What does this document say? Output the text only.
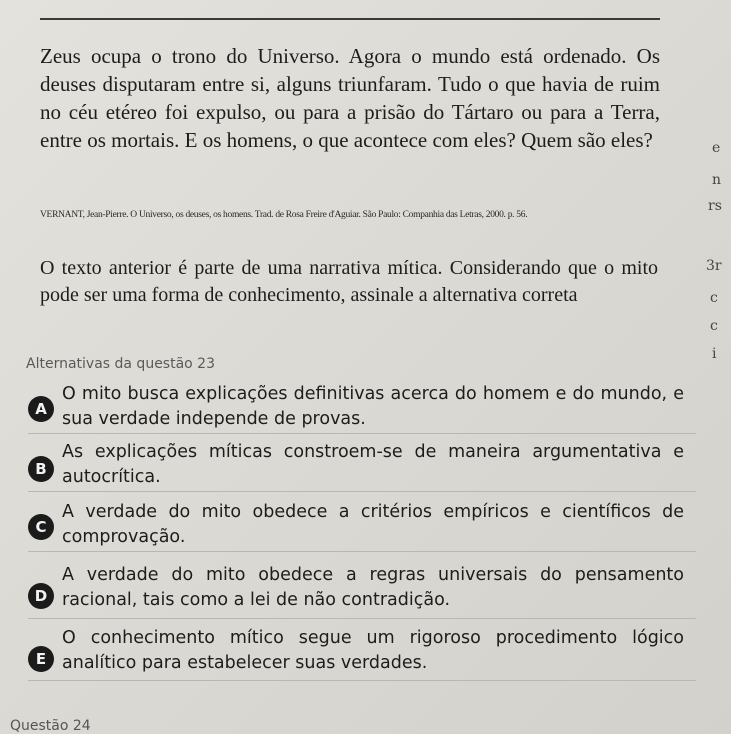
Zeus ocupa o trono do Universo. Agora o mundo está ordenado. Os deuses disputaram entre si, alguns triunfaram. Tudo o que havia de ruim no céu etéreo foi expulso, ou para a prisão do Tártaro ou para a Terra, entre os mortais. E os homens, o que acontece com eles? Quem são eles?
VERNANT, Jean-Pierre. O Universo, os deuses, os homens. Trad. de Rosa Freire d'Aguiar. São Paulo: Companhia das Letras, 2000. p. 56.
O texto anterior é parte de uma narrativa mítica. Considerando que o mito pode ser uma forma de conhecimento, assinale a alternativa correta
Alternativas da questão 23
A
O mito busca explicações definitivas acerca do homem e do mundo, e sua verdade independe de provas.
B
As explicações míticas constroem-se de maneira argumentativa e autocrítica.
C
A verdade do mito obedece a critérios empíricos e científicos de comprovação.
D
A verdade do mito obedece a regras universais do pensamento racional, tais como a lei de não contradição.
E
O conhecimento mítico segue um rigoroso procedimento lógico analítico para estabelecer suas verdades.
e
n
rs
3r
c
c
i
Questão 24
